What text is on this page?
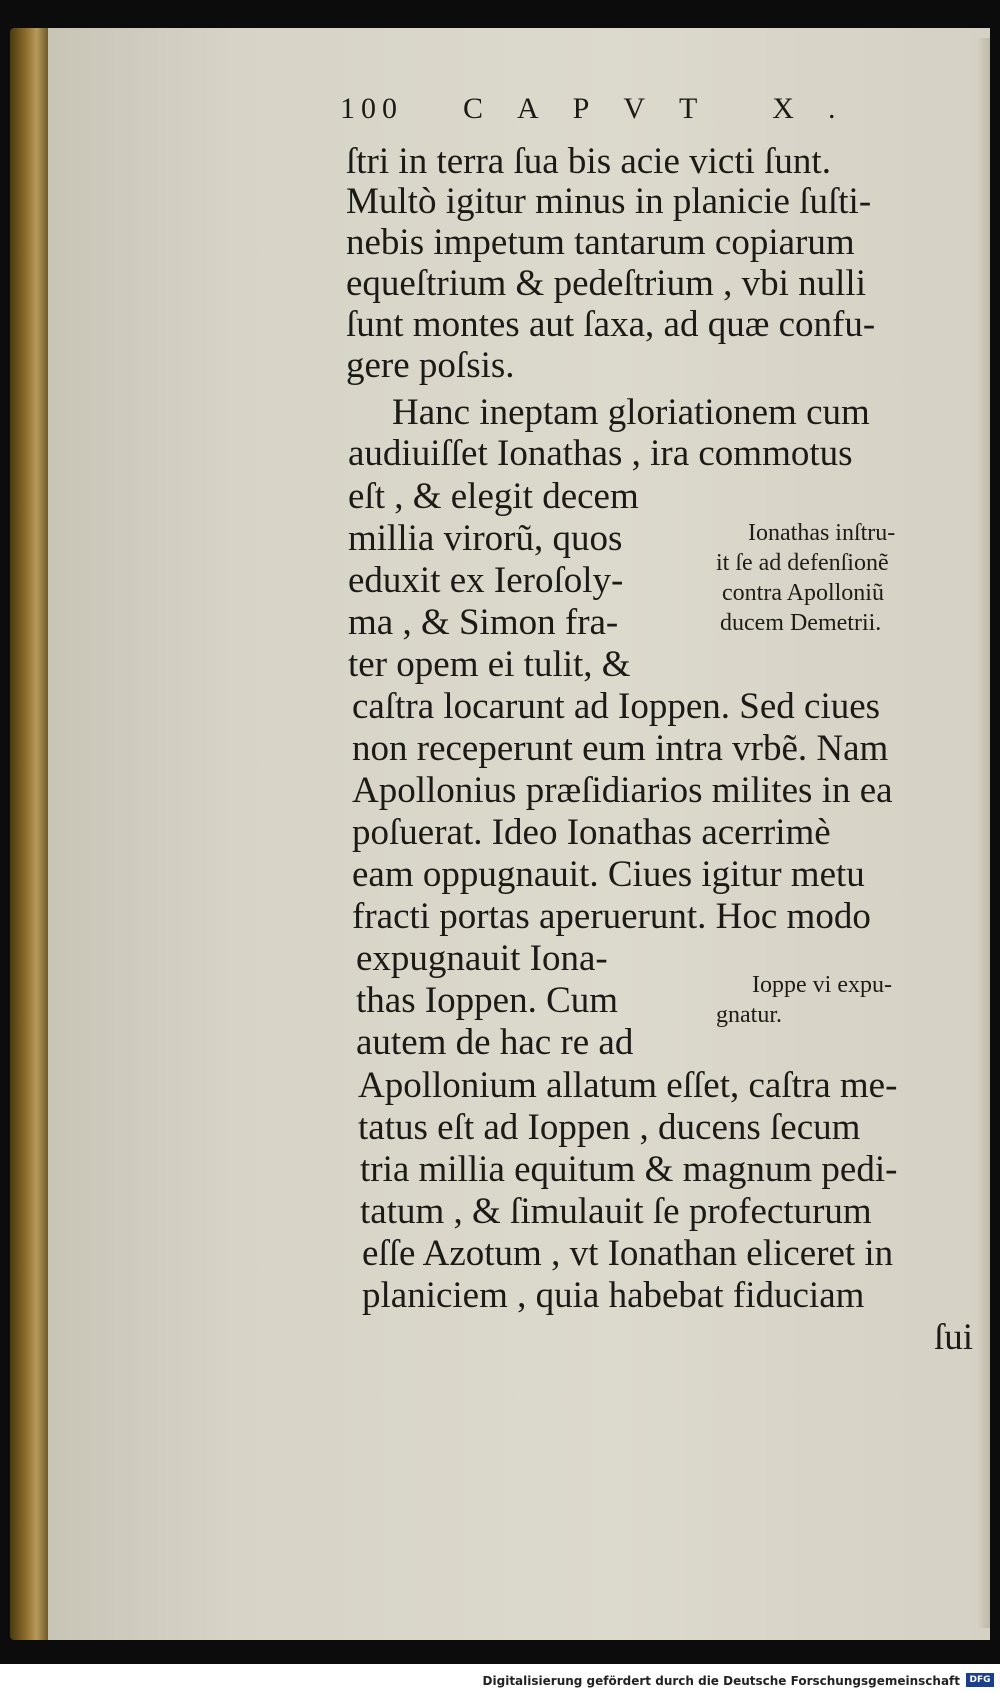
100 CAPVT X.
ſtri in terra ſua bis acie victi ſunt.
Multò igitur minus in planicie ſuſti-
nebis impetum tantarum copiarum
equeſtrium & pedeſtrium , vbi nulli
ſunt montes aut ſaxa, ad quæ confu-
gere poſsis.
Hanc ineptam gloriationem cum
audiuiſſet Ionathas , ira commotus
eſt , & elegit decem
millia virorũ, quos
eduxit ex Ieroſoly-
ma , & Simon fra-
ter opem ei tulit, &
caſtra locarunt ad Ioppen. Sed ciues
non receperunt eum intra vrbẽ. Nam
Apollonius præſidiarios milites in ea
poſuerat. Ideo Ionathas acerrimè
eam oppugnauit. Ciues igitur metu
fracti portas aperuerunt. Hoc modo
expugnauit Iona-
thas Ioppen. Cum
autem de hac re ad
Apollonium allatum eſſet, caſtra me-
tatus eſt ad Ioppen , ducens ſecum
tria millia equitum & magnum pedi-
tatum , & ſimulauit ſe profecturum
eſſe Azotum , vt Ionathan eliceret in
planiciem , quia habebat fiduciam
ſui
Ionathas inſtru-
it ſe ad defenſionẽ
contra Apolloniũ
ducem Demetrii.
Ioppe vi expu-
gnatur.
Digitalisierung gefördert durch die Deutsche Forschungsgemeinschaft	DFG
